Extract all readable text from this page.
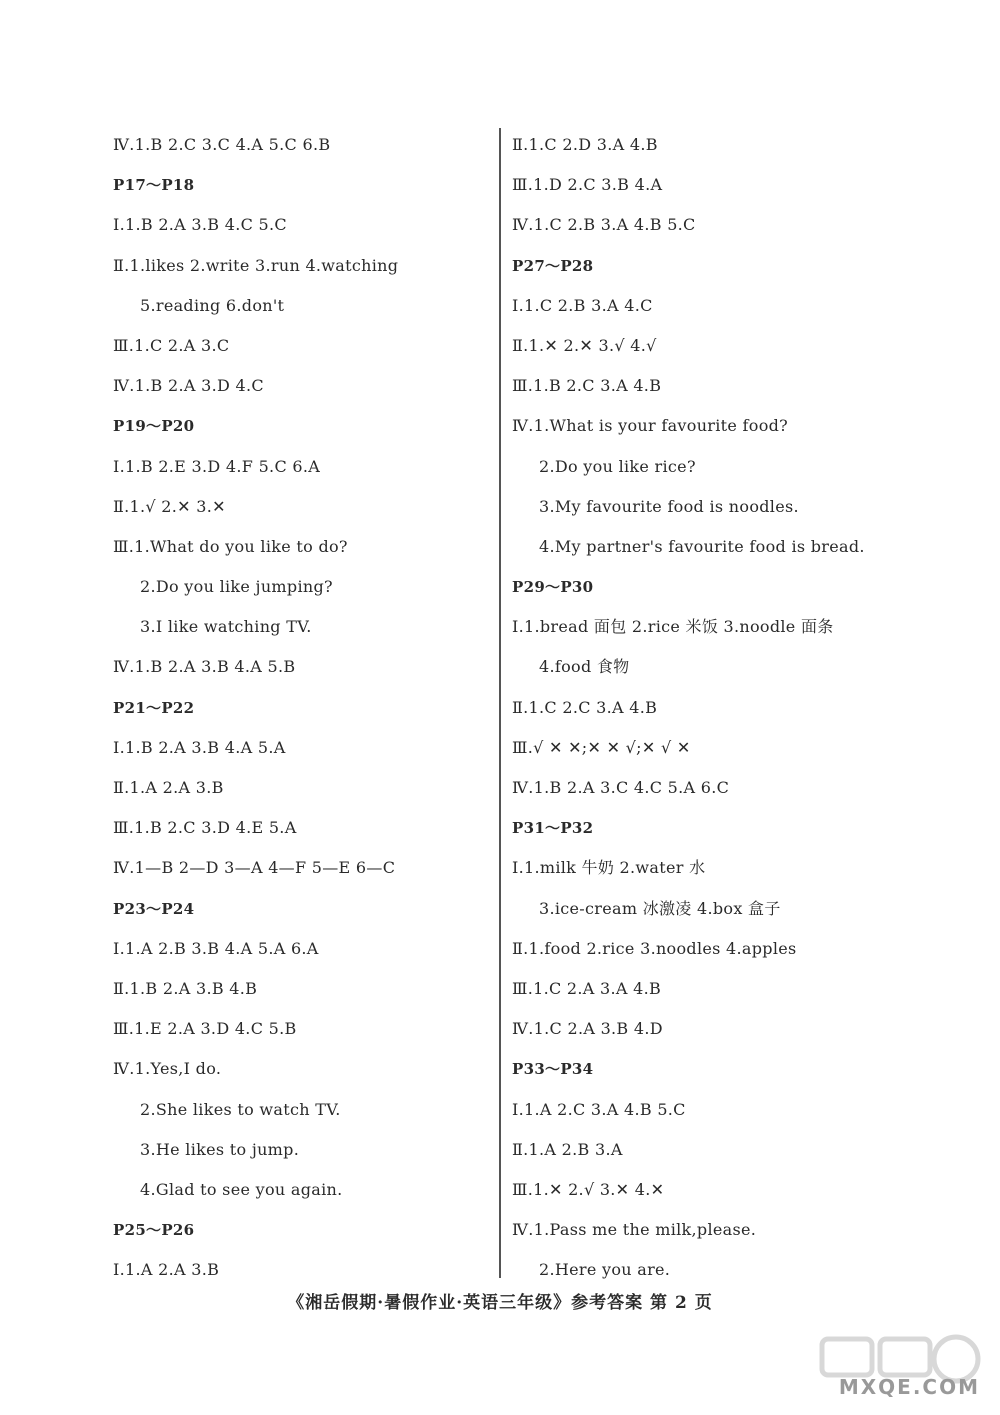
Ⅳ.1.B 2.C 3.C 4.A 5.C 6.B
P17～P18
Ⅰ.1.B 2.A 3.B 4.C 5.C
Ⅱ.1.likes 2.write 3.run 4.watching
5.reading 6.don't
Ⅲ.1.C 2.A 3.C
Ⅳ.1.B 2.A 3.D 4.C
P19～P20
Ⅰ.1.B 2.E 3.D 4.F 5.C 6.A
Ⅱ.1.√ 2.✕ 3.✕
Ⅲ.1.What do you like to do?
2.Do you like jumping?
3.I like watching TV.
Ⅳ.1.B 2.A 3.B 4.A 5.B
P21～P22
Ⅰ.1.B 2.A 3.B 4.A 5.A
Ⅱ.1.A 2.A 3.B
Ⅲ.1.B 2.C 3.D 4.E 5.A
Ⅳ.1—B 2—D 3—A 4—F 5—E 6—C
P23～P24
Ⅰ.1.A 2.B 3.B 4.A 5.A 6.A
Ⅱ.1.B 2.A 3.B 4.B
Ⅲ.1.E 2.A 3.D 4.C 5.B
Ⅳ.1.Yes,I do.
2.She likes to watch TV.
3.He likes to jump.
4.Glad to see you again.
P25～P26
Ⅰ.1.A 2.A 3.B
Ⅱ.1.C 2.D 3.A 4.B
Ⅲ.1.D 2.C 3.B 4.A
Ⅳ.1.C 2.B 3.A 4.B 5.C
P27～P28
Ⅰ.1.C 2.B 3.A 4.C
Ⅱ.1.✕ 2.✕ 3.√ 4.√
Ⅲ.1.B 2.C 3.A 4.B
Ⅳ.1.What is your favourite food?
2.Do you like rice?
3.My favourite food is noodles.
4.My partner's favourite food is bread.
P29～P30
Ⅰ.1.bread 面包 2.rice 米饭 3.noodle 面条
4.food 食物
Ⅱ.1.C 2.C 3.A 4.B
Ⅲ.√ ✕ ✕;✕ ✕ √;✕ √ ✕
Ⅳ.1.B 2.A 3.C 4.C 5.A 6.C
P31～P32
Ⅰ.1.milk 牛奶 2.water 水
3.ice-cream 冰激凌 4.box 盒子
Ⅱ.1.food 2.rice 3.noodles 4.apples
Ⅲ.1.C 2.A 3.A 4.B
Ⅳ.1.C 2.A 3.B 4.D
P33～P34
Ⅰ.1.A 2.C 3.A 4.B 5.C
Ⅱ.1.A 2.B 3.A
Ⅲ.1.✕ 2.√ 3.✕ 4.✕
Ⅳ.1.Pass me the milk,please.
2.Here you are.
《湘岳假期·暑假作业·英语三年级》参考答案 第 2 页
MXQE.COM
